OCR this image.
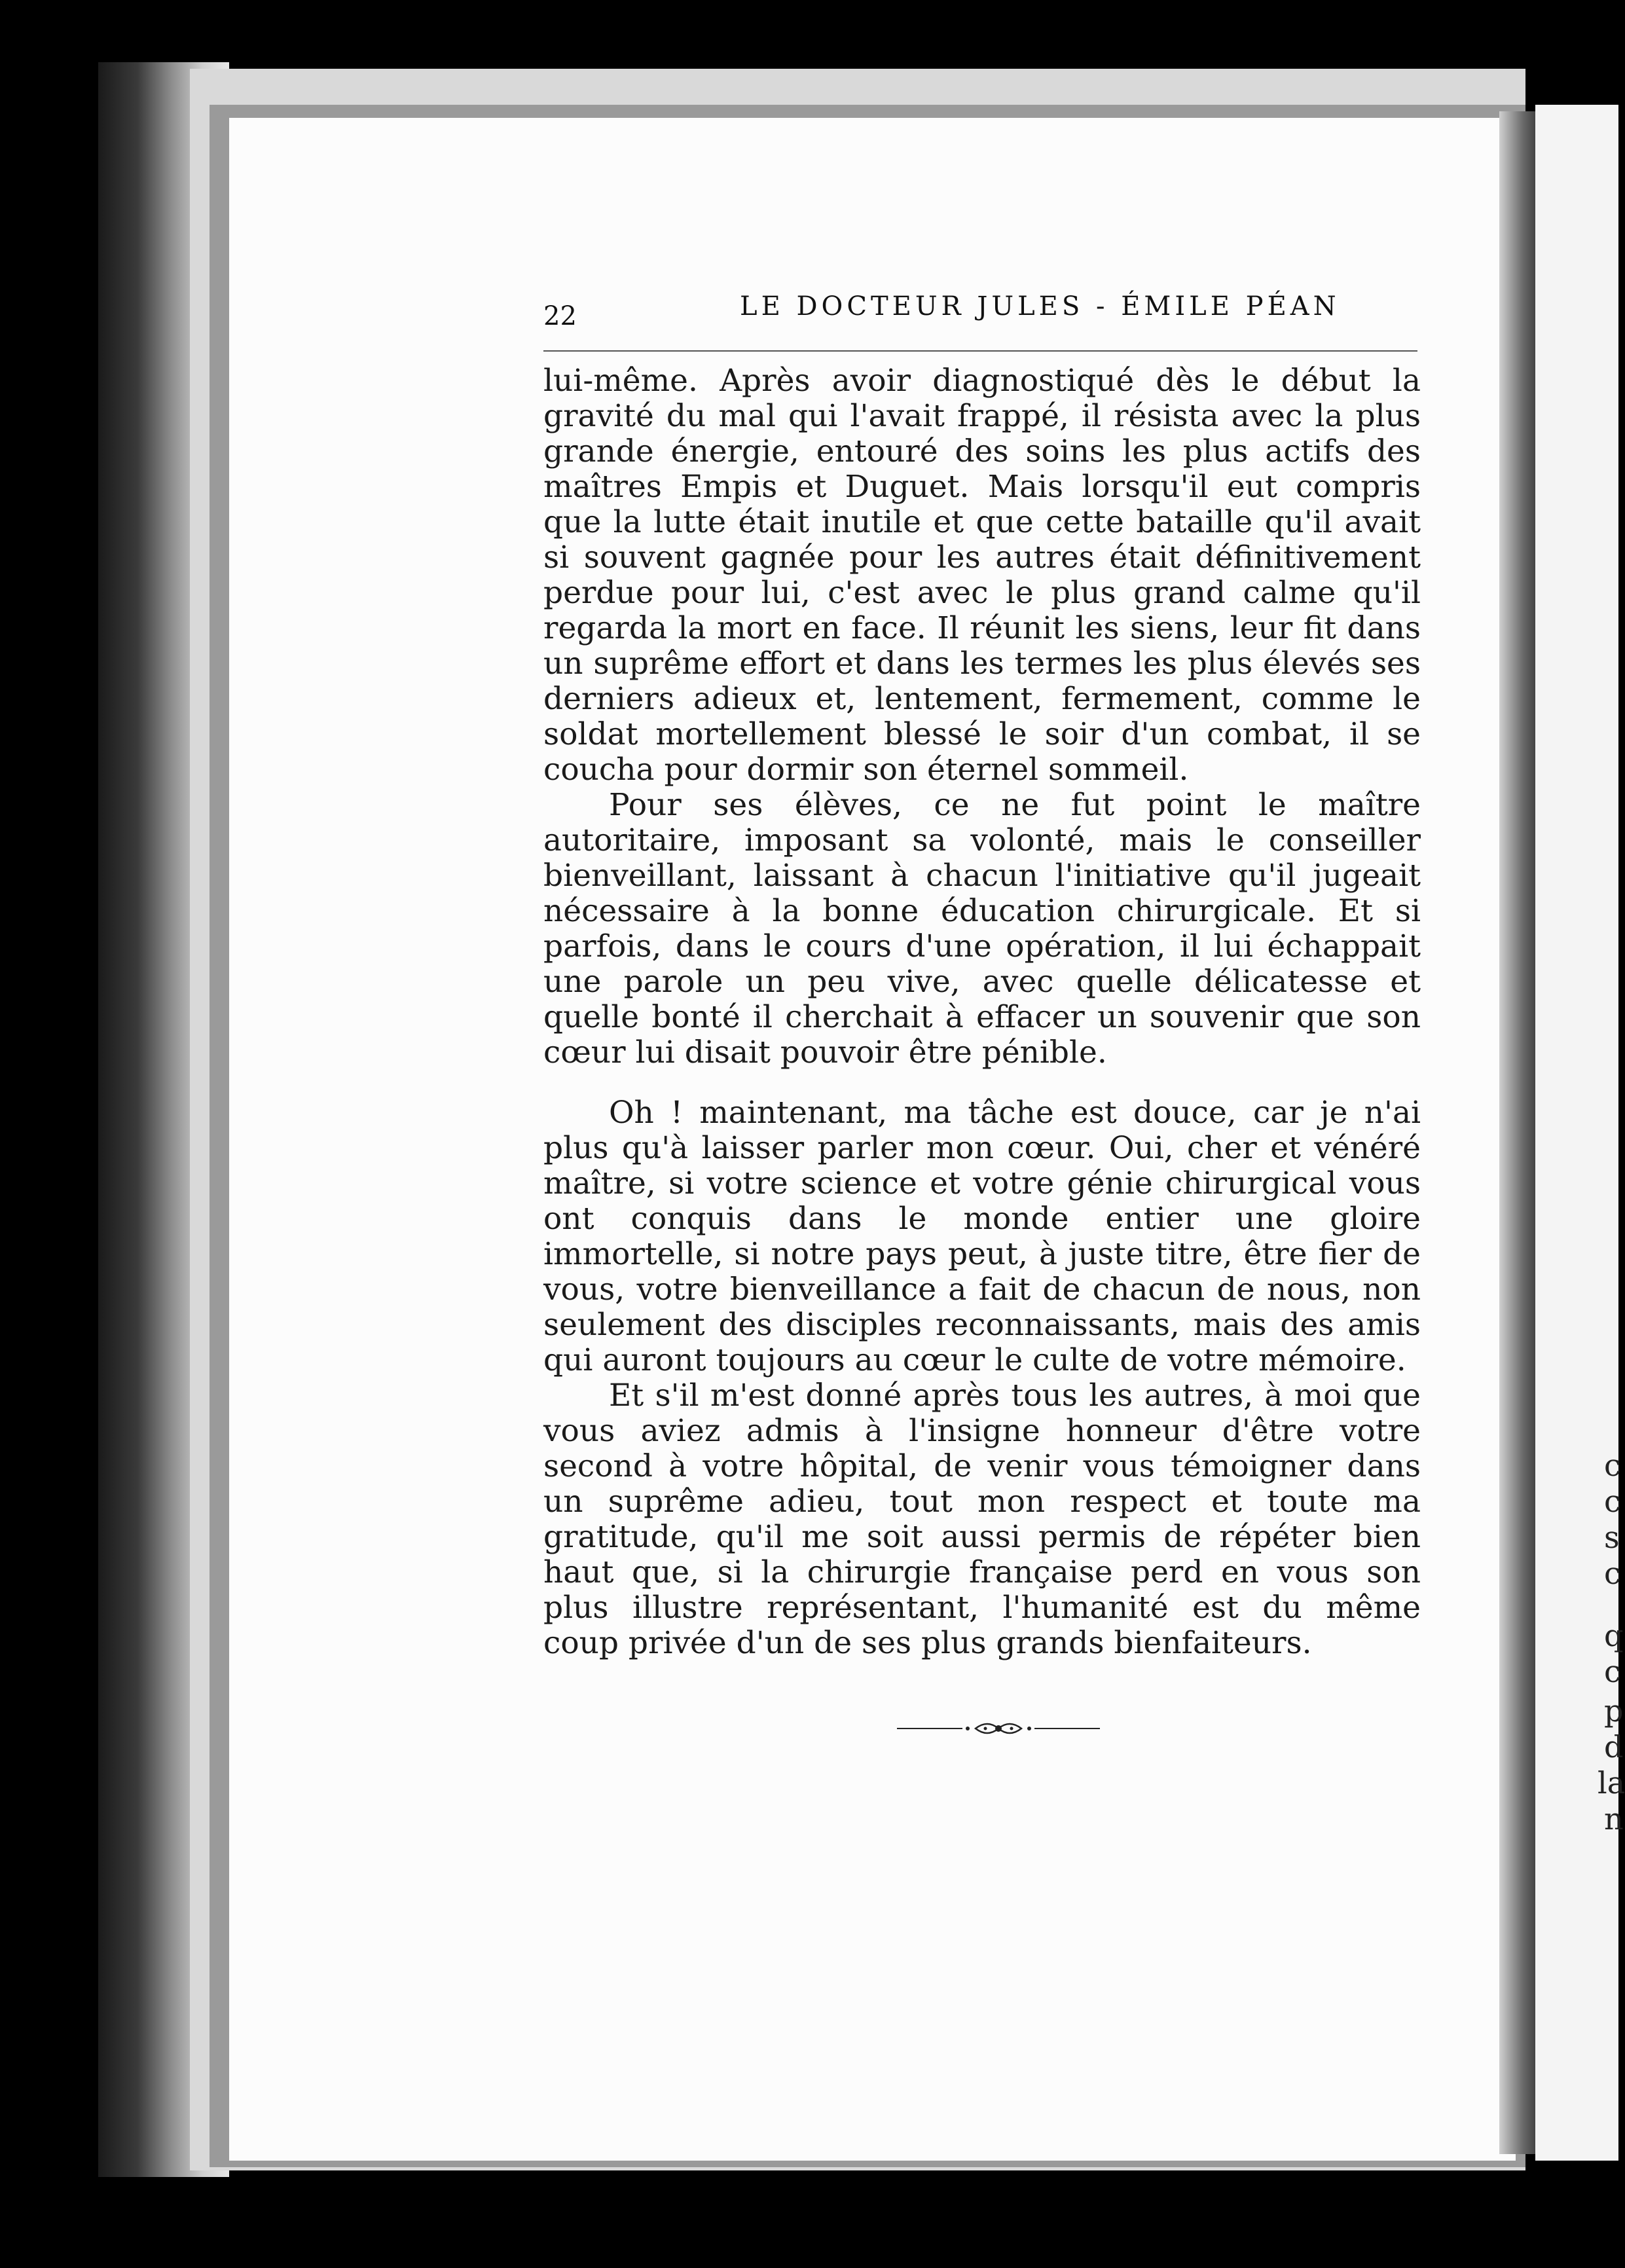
c
c
s
c
q
c
p
d
la
n
22	LE DOCTEUR JULES - ÉMILE PÉAN

lui-même. Après avoir diagnostiqué dès le début la gravité du mal qui l'avait frappé, il résista avec la plus grande énergie, entouré des soins les plus actifs des maîtres Empis et Duguet. Mais lorsqu'il eut compris que la lutte était inutile et que cette bataille qu'il avait si souvent gagnée pour les autres était définitivement perdue pour lui, c'est avec le plus grand calme qu'il regarda la mort en face. Il réunit les siens, leur fit dans un suprême effort et dans les termes les plus élevés ses derniers adieux et, lentement, fermement, comme le soldat mortellement blessé le soir d'un combat, il se coucha pour dormir son éternel sommeil.

Pour ses élèves, ce ne fut point le maître autoritaire, imposant sa volonté, mais le conseiller bienveillant, laissant à chacun l'initiative qu'il jugeait nécessaire à la bonne éducation chirurgicale. Et si parfois, dans le cours d'une opération, il lui échappait une parole un peu vive, avec quelle délicatesse et quelle bonté il cherchait à effacer un souvenir que son cœur lui disait pouvoir être pénible.

Oh ! maintenant, ma tâche est douce, car je n'ai plus qu'à laisser parler mon cœur. Oui, cher et vénéré maître, si votre science et votre génie chirurgical vous ont conquis dans le monde entier une gloire immortelle, si notre pays peut, à juste titre, être fier de vous, votre bienveillance a fait de chacun de nous, non seulement des disciples reconnaissants, mais des amis qui auront toujours au cœur le culte de votre mémoire.

Et s'il m'est donné après tous les autres, à moi que vous aviez admis à l'insigne honneur d'être votre second à votre hôpital, de venir vous témoigner dans un suprême adieu, tout mon respect et toute ma gratitude, qu'il me soit aussi permis de répéter bien haut que, si la chirurgie française perd en vous son plus illustre représentant, l'humanité est du même coup privée d'un de ses plus grands bienfaiteurs.
